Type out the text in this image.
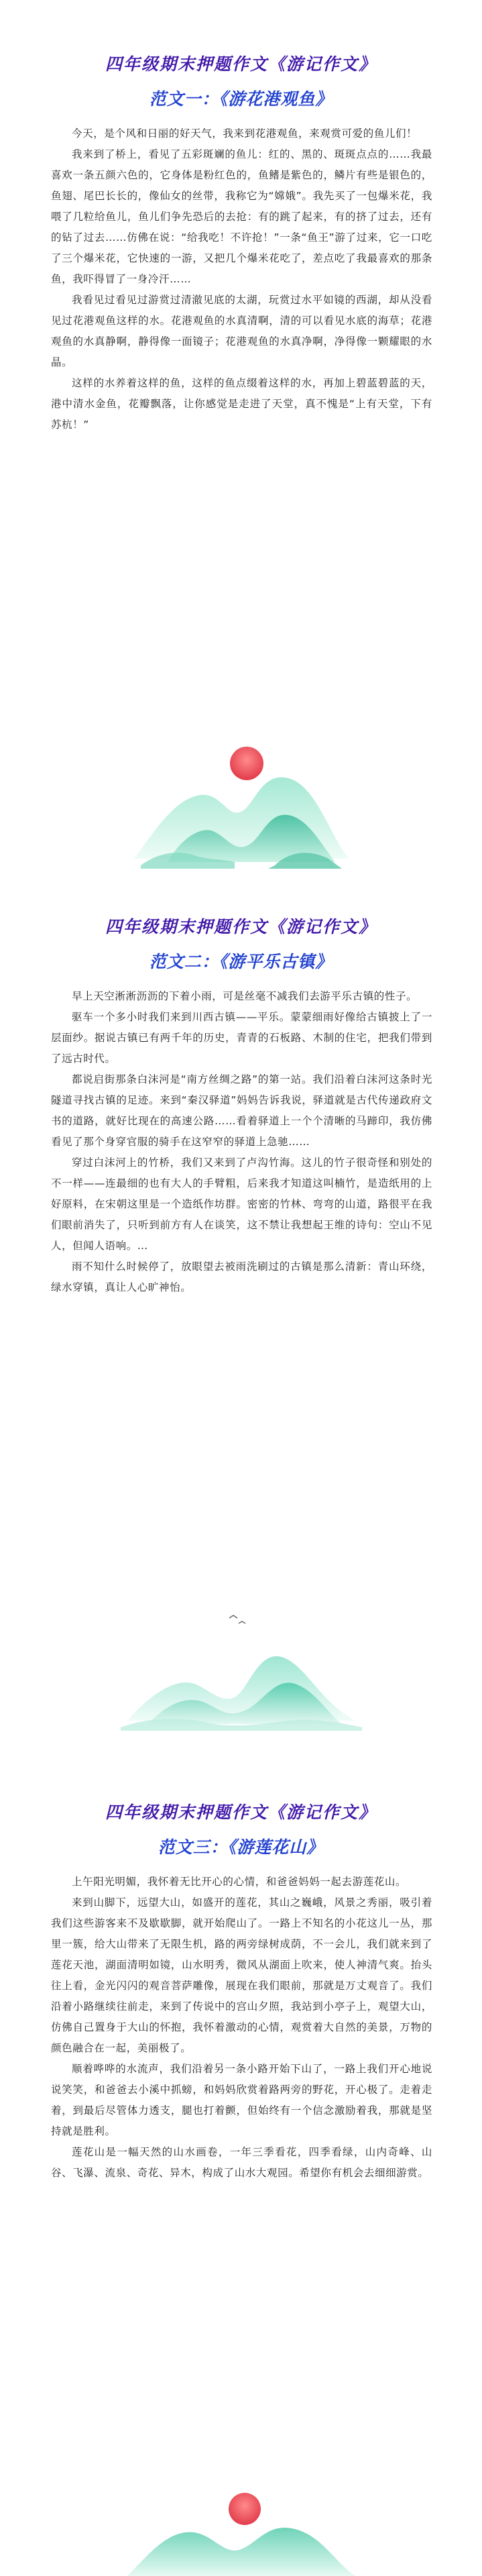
四年级期末押题作文《游记作文》
范文一：《游花港观鱼》

今天，是个风和日丽的好天气，我来到花港观鱼，来观赏可爱的鱼儿们！

我来到了桥上，看见了五彩斑斓的鱼儿：红的、黑的、斑斑点点的……我最喜欢一条五颜六色的，它身体是粉红色的，鱼鳍是紫色的，鳞片有些是银色的，鱼翅、尾巴长长的，像仙女的丝带，我称它为“嫦娥”。我先买了一包爆米花，我喂了几粒给鱼儿，鱼儿们争先恐后的去抢：有的跳了起来，有的挤了过去，还有的钻了过去……仿佛在说：“给我吃！不许抢！”一条“鱼王”游了过来，它一口吃了三个爆米花，它快速的一游，又把几个爆米花吃了，差点吃了我最喜欢的那条鱼，我吓得冒了一身冷汗……

我看见过看见过游赏过清澈见底的太湖，玩赏过水平如镜的西湖，却从没看见过花港观鱼这样的水。花港观鱼的水真清啊，清的可以看见水底的海草；花港观鱼的水真静啊，静得像一面镜子；花港观鱼的水真净啊，净得像一颗耀眼的水晶。

这样的水养着这样的鱼，这样的鱼点缀着这样的水，再加上碧蓝碧蓝的天，港中清水金鱼，花瓣飘落，让你感觉是走进了天堂，真不愧是“上有天堂，下有苏杭！”

四年级期末押题作文《游记作文》
范文二：《游平乐古镇》

早上天空淅淅沥沥的下着小雨，可是丝毫不减我们去游平乐古镇的性子。

驱车一个多小时我们来到川西古镇——平乐。蒙蒙细雨好像给古镇披上了一层面纱。据说古镇已有两千年的历史，青青的石板路、木制的住宅，把我们带到了远古时代。

都说启街那条白沫河是“南方丝绸之路”的第一站。我们沿着白沫河这条时光隧道寻找古镇的足迹。来到“秦汉驿道”妈妈告诉我说，驿道就是古代传递政府文书的道路，就好比现在的高速公路……看着驿道上一个个清晰的马蹄印，我仿佛看见了那个身穿官服的骑手在这窄窄的驿道上急驰……

穿过白沫河上的竹桥，我们又来到了卢沟竹海。这儿的竹子很奇怪和别处的不一样——连最细的也有大人的手臂粗，后来我才知道这叫楠竹，是造纸用的上好原料，在宋朝这里是一个造纸作坊群。密密的竹林、弯弯的山道，路很平在我们眼前消失了，只听到前方有人在谈笑，这不禁让我想起王维的诗句：空山不见人，但闻人语响。…

雨不知什么时候停了，放眼望去被雨洗刷过的古镇是那么清新：青山环绕，绿水穿镇，真让人心旷神怡。

四年级期末押题作文《游记作文》
范文三：《游莲花山》

上午阳光明媚，我怀着无比开心的心情，和爸爸妈妈一起去游莲花山。

来到山脚下，远望大山，如盛开的莲花，其山之巍峨，风景之秀丽，吸引着我们这些游客来不及歇歇脚，就开始爬山了。一路上不知名的小花这儿一丛，那里一簇，给大山带来了无限生机，路的两旁绿树成荫，不一会儿，我们就来到了莲花天池，湖面清明如镜，山水明秀，微风从湖面上吹来，使人神清气爽。抬头往上看，金光闪闪的观音菩萨雕像，展现在我们眼前，那就是万丈观音了。我们沿着小路继续往前走，来到了传说中的宫山夕照，我站到小亭子上，观望大山，仿佛自己置身于大山的怀抱，我怀着激动的心情，观赏着大自然的美景，万物的颜色融合在一起，美丽极了。

顺着哗哗的水流声，我们沿着另一条小路开始下山了，一路上我们开心地说说笑笑，和爸爸去小溪中抓螃，和妈妈欣赏着路两旁的野花，开心极了。走着走着，到最后尽管体力透支，腿也打着颤，但始终有一个信念激励着我，那就是坚持就是胜利。

莲花山是一幅天然的山水画卷，一年三季看花，四季看绿，山内奇峰、山谷、飞瀑、流泉、奇花、异木，构成了山水大观园。希望你有机会去细细游赏。
